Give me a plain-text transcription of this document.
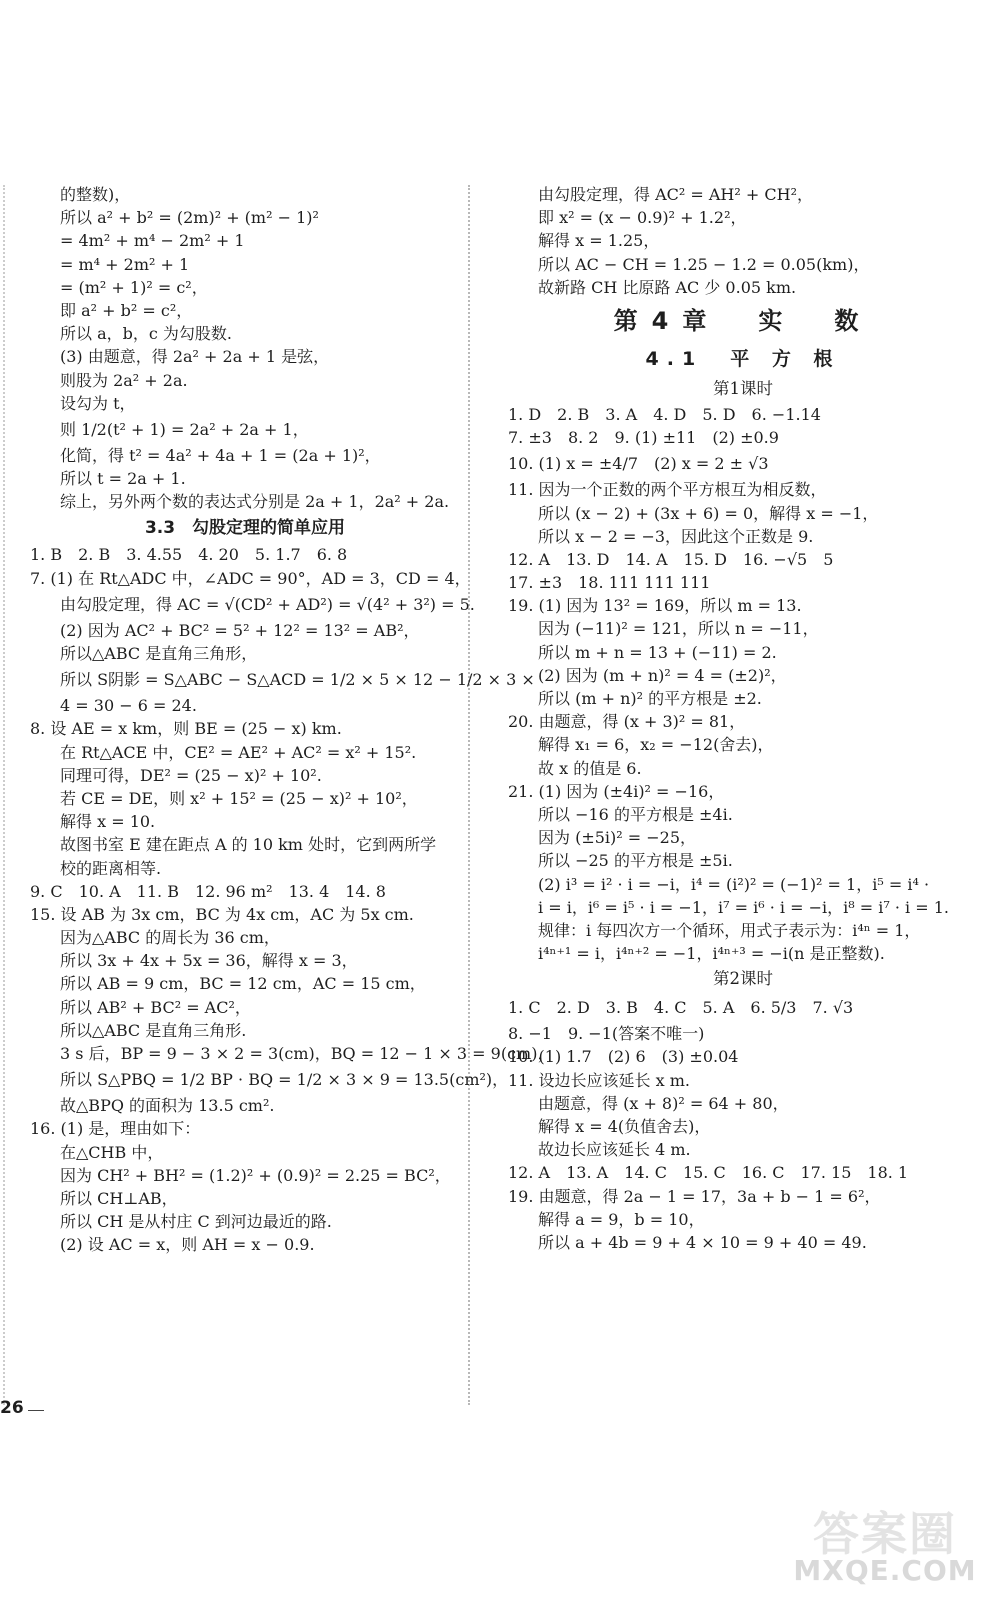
的整数)，
所以 a² + b² = (2m)² + (m² − 1)²
= 4m² + m⁴ − 2m² + 1
= m⁴ + 2m² + 1
= (m² + 1)² = c²，
即 a² + b² = c²，
所以 a，b，c 为勾股数.
(3) 由题意，得 2a² + 2a + 1 是弦，
则股为 2a² + 2a.
设勾为 t，
则 1/2(t² + 1) = 2a² + 2a + 1，
化简，得 t² = 4a² + 4a + 1 = (2a + 1)²，
所以 t = 2a + 1.
综上，另外两个数的表达式分别是 2a + 1，2a² + 2a.
3.3　勾股定理的简单应用
1. B　2. B　3. 4.55　4. 20　5. 1.7　6. 8
7. (1) 在 Rt△ADC 中，∠ADC = 90°，AD = 3，CD = 4，
由勾股定理，得 AC = √(CD² + AD²) = √(4² + 3²) = 5.
(2) 因为 AC² + BC² = 5² + 12² = 13² = AB²，
所以△ABC 是直角三角形，
所以 S阴影 = S△ABC − S△ACD = 1/2 × 5 × 12 − 1/2 × 3 ×
4 = 30 − 6 = 24.
8. 设 AE = x km，则 BE = (25 − x) km.
在 Rt△ACE 中，CE² = AE² + AC² = x² + 15².
同理可得，DE² = (25 − x)² + 10².
若 CE = DE，则 x² + 15² = (25 − x)² + 10²，
解得 x = 10.
故图书室 E 建在距点 A 的 10 km 处时，它到两所学
校的距离相等.
9. C　10. A　11. B　12. 96 m²　13. 4　14. 8
15. 设 AB 为 3x cm，BC 为 4x cm，AC 为 5x cm.
因为△ABC 的周长为 36 cm，
所以 3x + 4x + 5x = 36，解得 x = 3，
所以 AB = 9 cm，BC = 12 cm，AC = 15 cm，
所以 AB² + BC² = AC²，
所以△ABC 是直角三角形.
3 s 后，BP = 9 − 3 × 2 = 3(cm)，BQ = 12 − 1 × 3 = 9(cm)，
所以 S△PBQ = 1/2 BP · BQ = 1/2 × 3 × 9 = 13.5(cm²)，
故△BPQ 的面积为 13.5 cm².
16. (1) 是，理由如下：
在△CHB 中，
因为 CH² + BH² = (1.2)² + (0.9)² = 2.25 = BC²，
所以 CH⊥AB，
所以 CH 是从村庄 C 到河边最近的路.
(2) 设 AC = x，则 AH = x − 0.9.
由勾股定理，得 AC² = AH² + CH²，
即 x² = (x − 0.9)² + 1.2²，
解得 x = 1.25，
所以 AC − CH = 1.25 − 1.2 = 0.05(km)，
故新路 CH 比原路 AC 少 0.05 km.
第4章　实　数
4.1　平 方 根
第1课时
1. D　2. B　3. A　4. D　5. D　6. −1.14
7. ±3　8. 2　9. (1) ±11　(2) ±0.9
10. (1) x = ±4/7　(2) x = 2 ± √3
11. 因为一个正数的两个平方根互为相反数，
所以 (x − 2) + (3x + 6) = 0，解得 x = −1，
所以 x − 2 = −3，因此这个正数是 9.
12. A　13. D　14. A　15. D　16. −√5　5
17. ±3　18. 111 111 111
19. (1) 因为 13² = 169，所以 m = 13.
因为 (−11)² = 121，所以 n = −11，
所以 m + n = 13 + (−11) = 2.
(2) 因为 (m + n)² = 4 = (±2)²，
所以 (m + n)² 的平方根是 ±2.
20. 由题意，得 (x + 3)² = 81，
解得 x₁ = 6，x₂ = −12(舍去)，
故 x 的值是 6.
21. (1) 因为 (±4i)² = −16，
所以 −16 的平方根是 ±4i.
因为 (±5i)² = −25，
所以 −25 的平方根是 ±5i.
(2) i³ = i² · i = −i，i⁴ = (i²)² = (−1)² = 1，i⁵ = i⁴ ·
i = i，i⁶ = i⁵ · i = −1，i⁷ = i⁶ · i = −i，i⁸ = i⁷ · i = 1.
规律：i 每四次方一个循环，用式子表示为：i⁴ⁿ = 1，
i⁴ⁿ⁺¹ = i，i⁴ⁿ⁺² = −1，i⁴ⁿ⁺³ = −i(n 是正整数).
第2课时
1. C　2. D　3. B　4. C　5. A　6. 5/3　7. √3
8. −1　9. −1(答案不唯一)
10. (1) 1.7　(2) 6　(3) ±0.04
11. 设边长应该延长 x m.
由题意，得 (x + 8)² = 64 + 80，
解得 x = 4(负值舍去)，
故边长应该延长 4 m.
12. A　13. A　14. C　15. C　16. C　17. 15　18. 1
19. 由题意，得 2a − 1 = 17，3a + b − 1 = 6²，
解得 a = 9，b = 10，
所以 a + 4b = 9 + 4 × 10 = 9 + 40 = 49.
26
答案圈
MXQE.COM
